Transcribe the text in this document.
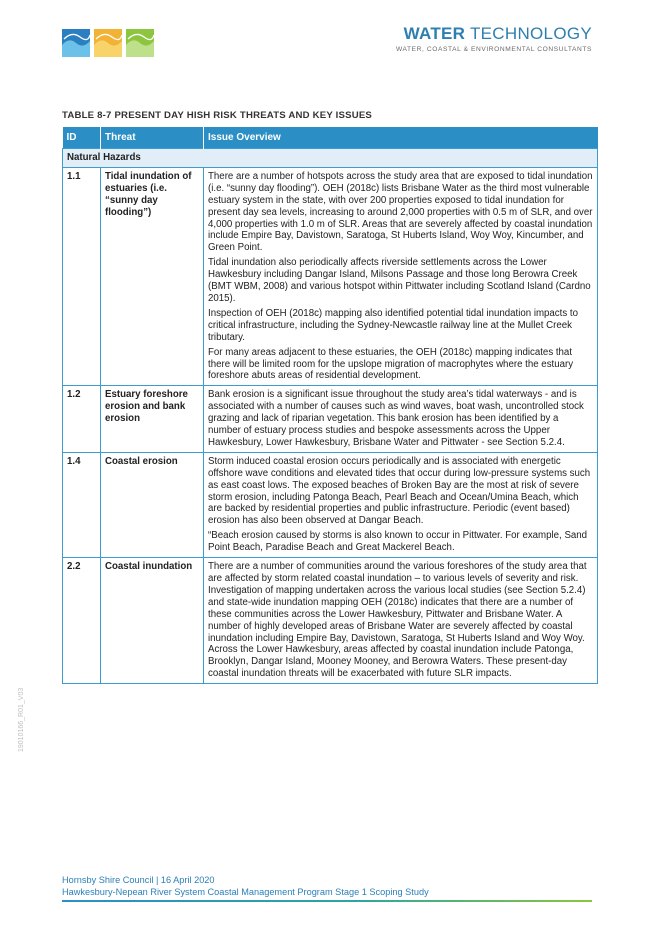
WATER TECHNOLOGY
WATER, COASTAL & ENVIRONMENTAL CONSULTANTS
TABLE 8-7 PRESENT DAY HISH RISK THREATS AND KEY ISSUES
ID	Threat	Issue Overview
Natural Hazards		
1.1	Tidal inundation of estuaries (i.e. “sunny day flooding”)	There are a number of hotspots across the study area that are exposed to tidal inundation (i.e. “sunny day flooding”). OEH (2018c) lists Brisbane Water as the third most vulnerable estuary system in the state, with over 200 properties exposed to tidal inundation for present day sea levels, increasing to around 2,000 properties with 0.5 m of SLR, and over 4,000 properties with 1.0 m of SLR. Areas that are severely affected by coastal inundation include Empire Bay, Davistown, Saratoga, St Huberts Island, Woy Woy, Kincumber, and Green Point.

Tidal inundation also periodically affects riverside settlements across the Lower Hawkesbury including Dangar Island, Milsons Passage and those long Berowra Creek (BMT WBM, 2008) and various hotspot within Pittwater including Scotland Island (Cardno 2015).

Inspection of OEH (2018c) mapping also identified potential tidal inundation impacts to critical infrastructure, including the Sydney-Newcastle railway line at the Mullet Creek tributary.

For many areas adjacent to these estuaries, the OEH (2018c) mapping indicates that there will be limited room for the upslope migration of macrophytes where the estuary foreshore abuts areas of residential development.

1.2	Estuary foreshore erosion and bank erosion	Bank erosion is a significant issue throughout the study area’s tidal waterways - and is associated with a number of causes such as wind waves, boat wash, uncontrolled stock grazing and lack of riparian vegetation. This bank erosion has been identified by a number of estuary process studies and bespoke assessments across the Upper Hawkesbury, Lower Hawkesbury, Brisbane Water and Pittwater - see Section 5.2.4.

1.4	Coastal erosion	Storm induced coastal erosion occurs periodically and is associated with energetic offshore wave conditions and elevated tides that occur during low-pressure systems such as east coast lows. The exposed beaches of Broken Bay are the most at risk of severe storm erosion, including Patonga Beach, Pearl Beach and Ocean/Umina Beach, which are backed by residential properties and public infrastructure. Periodic (event based) erosion has also been observed at Dangar Beach.

“Beach erosion caused by storms is also known to occur in Pittwater. For example, Sand Point Beach, Paradise Beach and Great Mackerel Beach.

2.2	Coastal inundation	There are a number of communities around the various foreshores of the study area that are affected by storm related coastal inundation – to various levels of severity and risk. Investigation of mapping undertaken across the various local studies (see Section 5.2.4) and state-wide inundation mapping OEH (2018c) indicates that there are a number of these communities across the Lower Hawkesbury, Pittwater and Brisbane Water. A number of highly developed areas of Brisbane Water are severely affected by coastal inundation including Empire Bay, Davistown, Saratoga, St Huberts Island and Woy Woy. Across the Lower Hawkesbury, areas affected by coastal inundation include Patonga, Brooklyn, Dangar Island, Mooney Mooney, and Berowra Waters. These present-day coastal inundation threats will be exacerbated with future SLR impacts.

19010166_R01_V03
Hornsby Shire Council | 16 April 2020
Hawkesbury-Nepean River System Coastal Management Program Stage 1 Scoping Study
